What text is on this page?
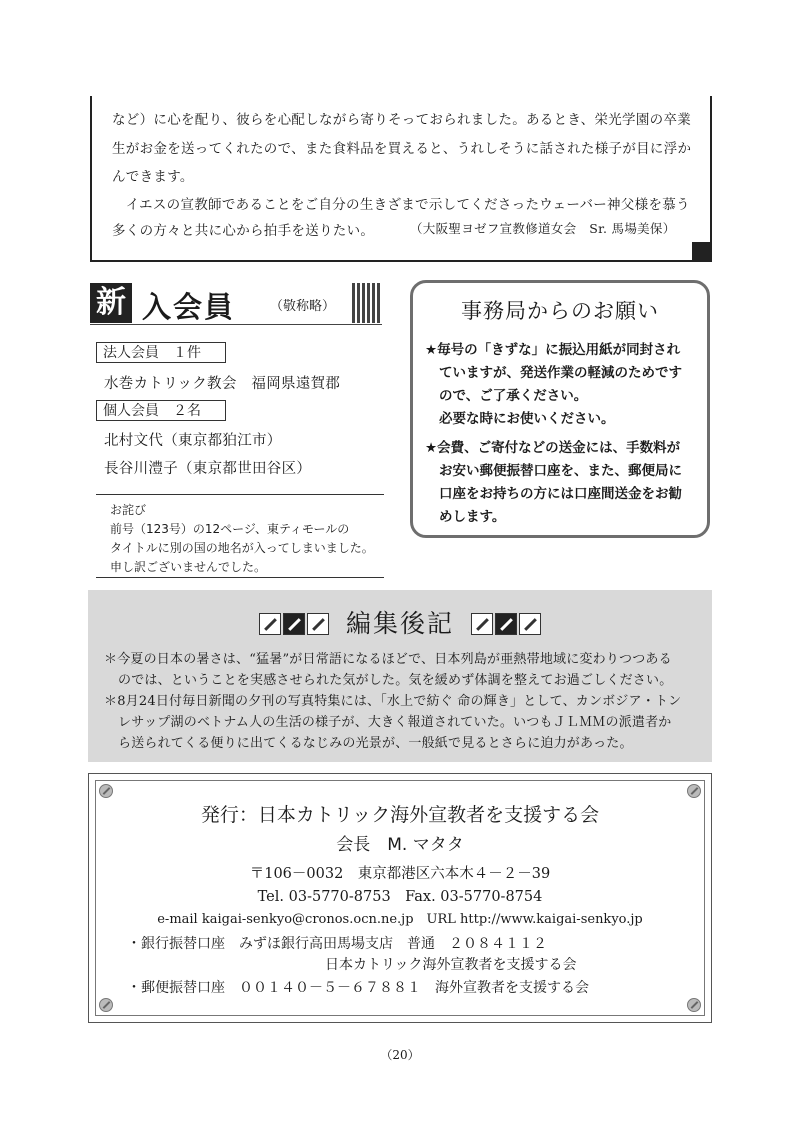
など）に心を配り、彼らを心配しながら寄りそっておられました。あるとき、栄光学園の卒業
生がお金を送ってくれたので、また食料品を買えると、うれしそうに話された様子が目に浮か
んできます。
　イエスの宣教師であることをご自分の生きざまで示してくださったウェーバー神父様を慕う
多くの方々と共に心から拍手を送りたい。	（大阪聖ヨゼフ宣教修道女会　Sr. 馬場美保）
新 入会員	（敬称略）
法人会員　１件
水巻カトリック教会　福岡県遠賀郡
個人会員　２名
北村文代（東京都狛江市）
長谷川澧子（東京都世田谷区）
お詫び
前号（123号）の12ページ、東ティモールの
タイトルに別の国の地名が入ってしまいました。
申し訳ございませんでした。
事務局からのお願い
★毎号の「きずな」に振込用紙が同封され
ていますが、発送作業の軽減のためです
ので、ご了承ください。
必要な時にお使いください。
★会費、ご寄付などの送金には、手数料が
お安い郵便振替口座を、また、郵便局に
口座をお持ちの方には口座間送金をお勧
めします。
編集後記
＊今夏の日本の暑さは、“猛暑”が日常語になるほどで、日本列島が亜熱帯地域に変わりつつある
のでは、ということを実感させられた気がした。気を緩めず体調を整えてお過ごしください。
＊8月24日付毎日新聞の夕刊の写真特集には、「水上で紡ぐ 命の輝き」として、カンボジア・トン
レサップ湖のベトナム人の生活の様子が、大きく報道されていた。いつもＪＬＭＭの派遣者か
ら送られてくる便りに出てくるなじみの光景が、一般紙で見るとさらに迫力があった。
発行：日本カトリック海外宣教者を支援する会
会長　M. マタタ
〒106－0032　東京都港区六本木４－２－39
Tel. 03-5770-8753　Fax. 03-5770-8754
e-mail kaigai-senkyo@cronos.ocn.ne.jp　URL http://www.kaigai-senkyo.jp
・銀行振替口座　みずほ銀行高田馬場支店　普通　２０８４１１２
日本カトリック海外宣教者を支援する会
・郵便振替口座　００１４０－５－６７８８１　海外宣教者を支援する会
（20）
